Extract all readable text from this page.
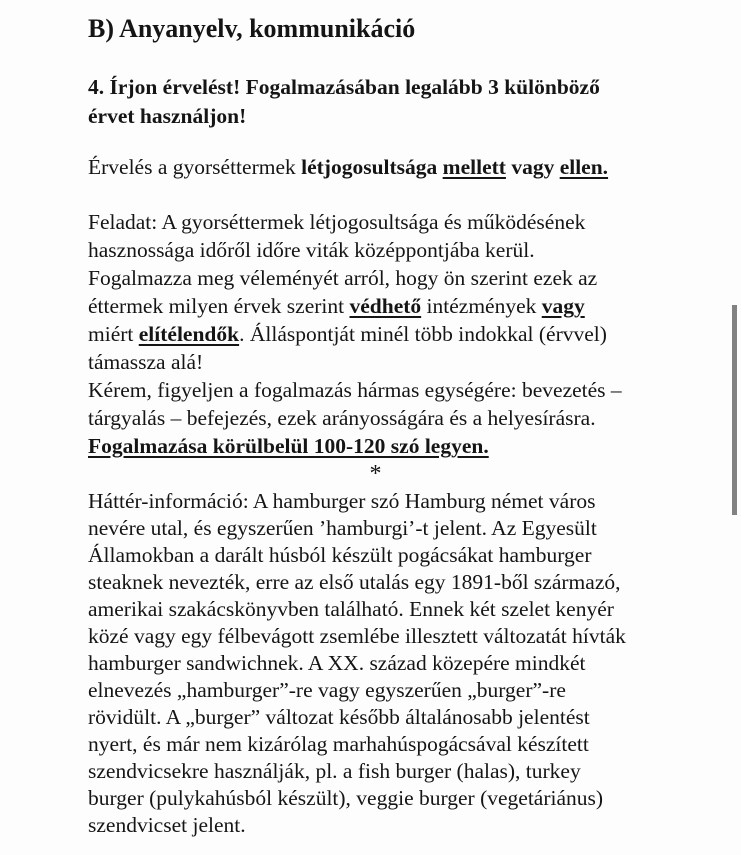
B) Anyanyelv, kommunikáció
4. Írjon érvelést! Fogalmazásában legalább 3 különböző
érvet használjon!

Érvelés a gyorséttermek létjogosultsága mellett vagy ellen.

Feladat: A gyorséttermek létjogosultsága és működésének
hasznossága időről időre viták középpontjába kerül.
Fogalmazza meg véleményét arról, hogy ön szerint ezek az
éttermek milyen érvek szerint védhető intézmények vagy
miért elítélendők. Álláspontját minél több indokkal (érvvel)
támassza alá!
Kérem, figyeljen a fogalmazás hármas egységére: bevezetés –
tárgyalás – befejezés, ezek arányosságára és a helyesírásra.
Fogalmazása körülbelül 100-120 szó legyen.

*

Háttér-információ: A hamburger szó Hamburg német város
nevére utal, és egyszerűen ’hamburgi’-t jelent. Az Egyesült
Államokban a darált húsból készült pogácsákat hamburger
steaknek nevezték, erre az első utalás egy 1891-ből származó,
amerikai szakácskönyvben található. Ennek két szelet kenyér
közé vagy egy félbevágott zsemlébe illesztett változatát hívták
hamburger sandwichnek. A XX. század közepére mindkét
elnevezés „hamburger”-re vagy egyszerűen „burger”-re
rövidült. A „burger” változat később általánosabb jelentést
nyert, és már nem kizárólag marhahúspogácsával készített
szendvicsekre használják, pl. a fish burger (halas), turkey
burger (pulykahúsból készült), veggie burger (vegetáriánus)
szendvicset jelent.
